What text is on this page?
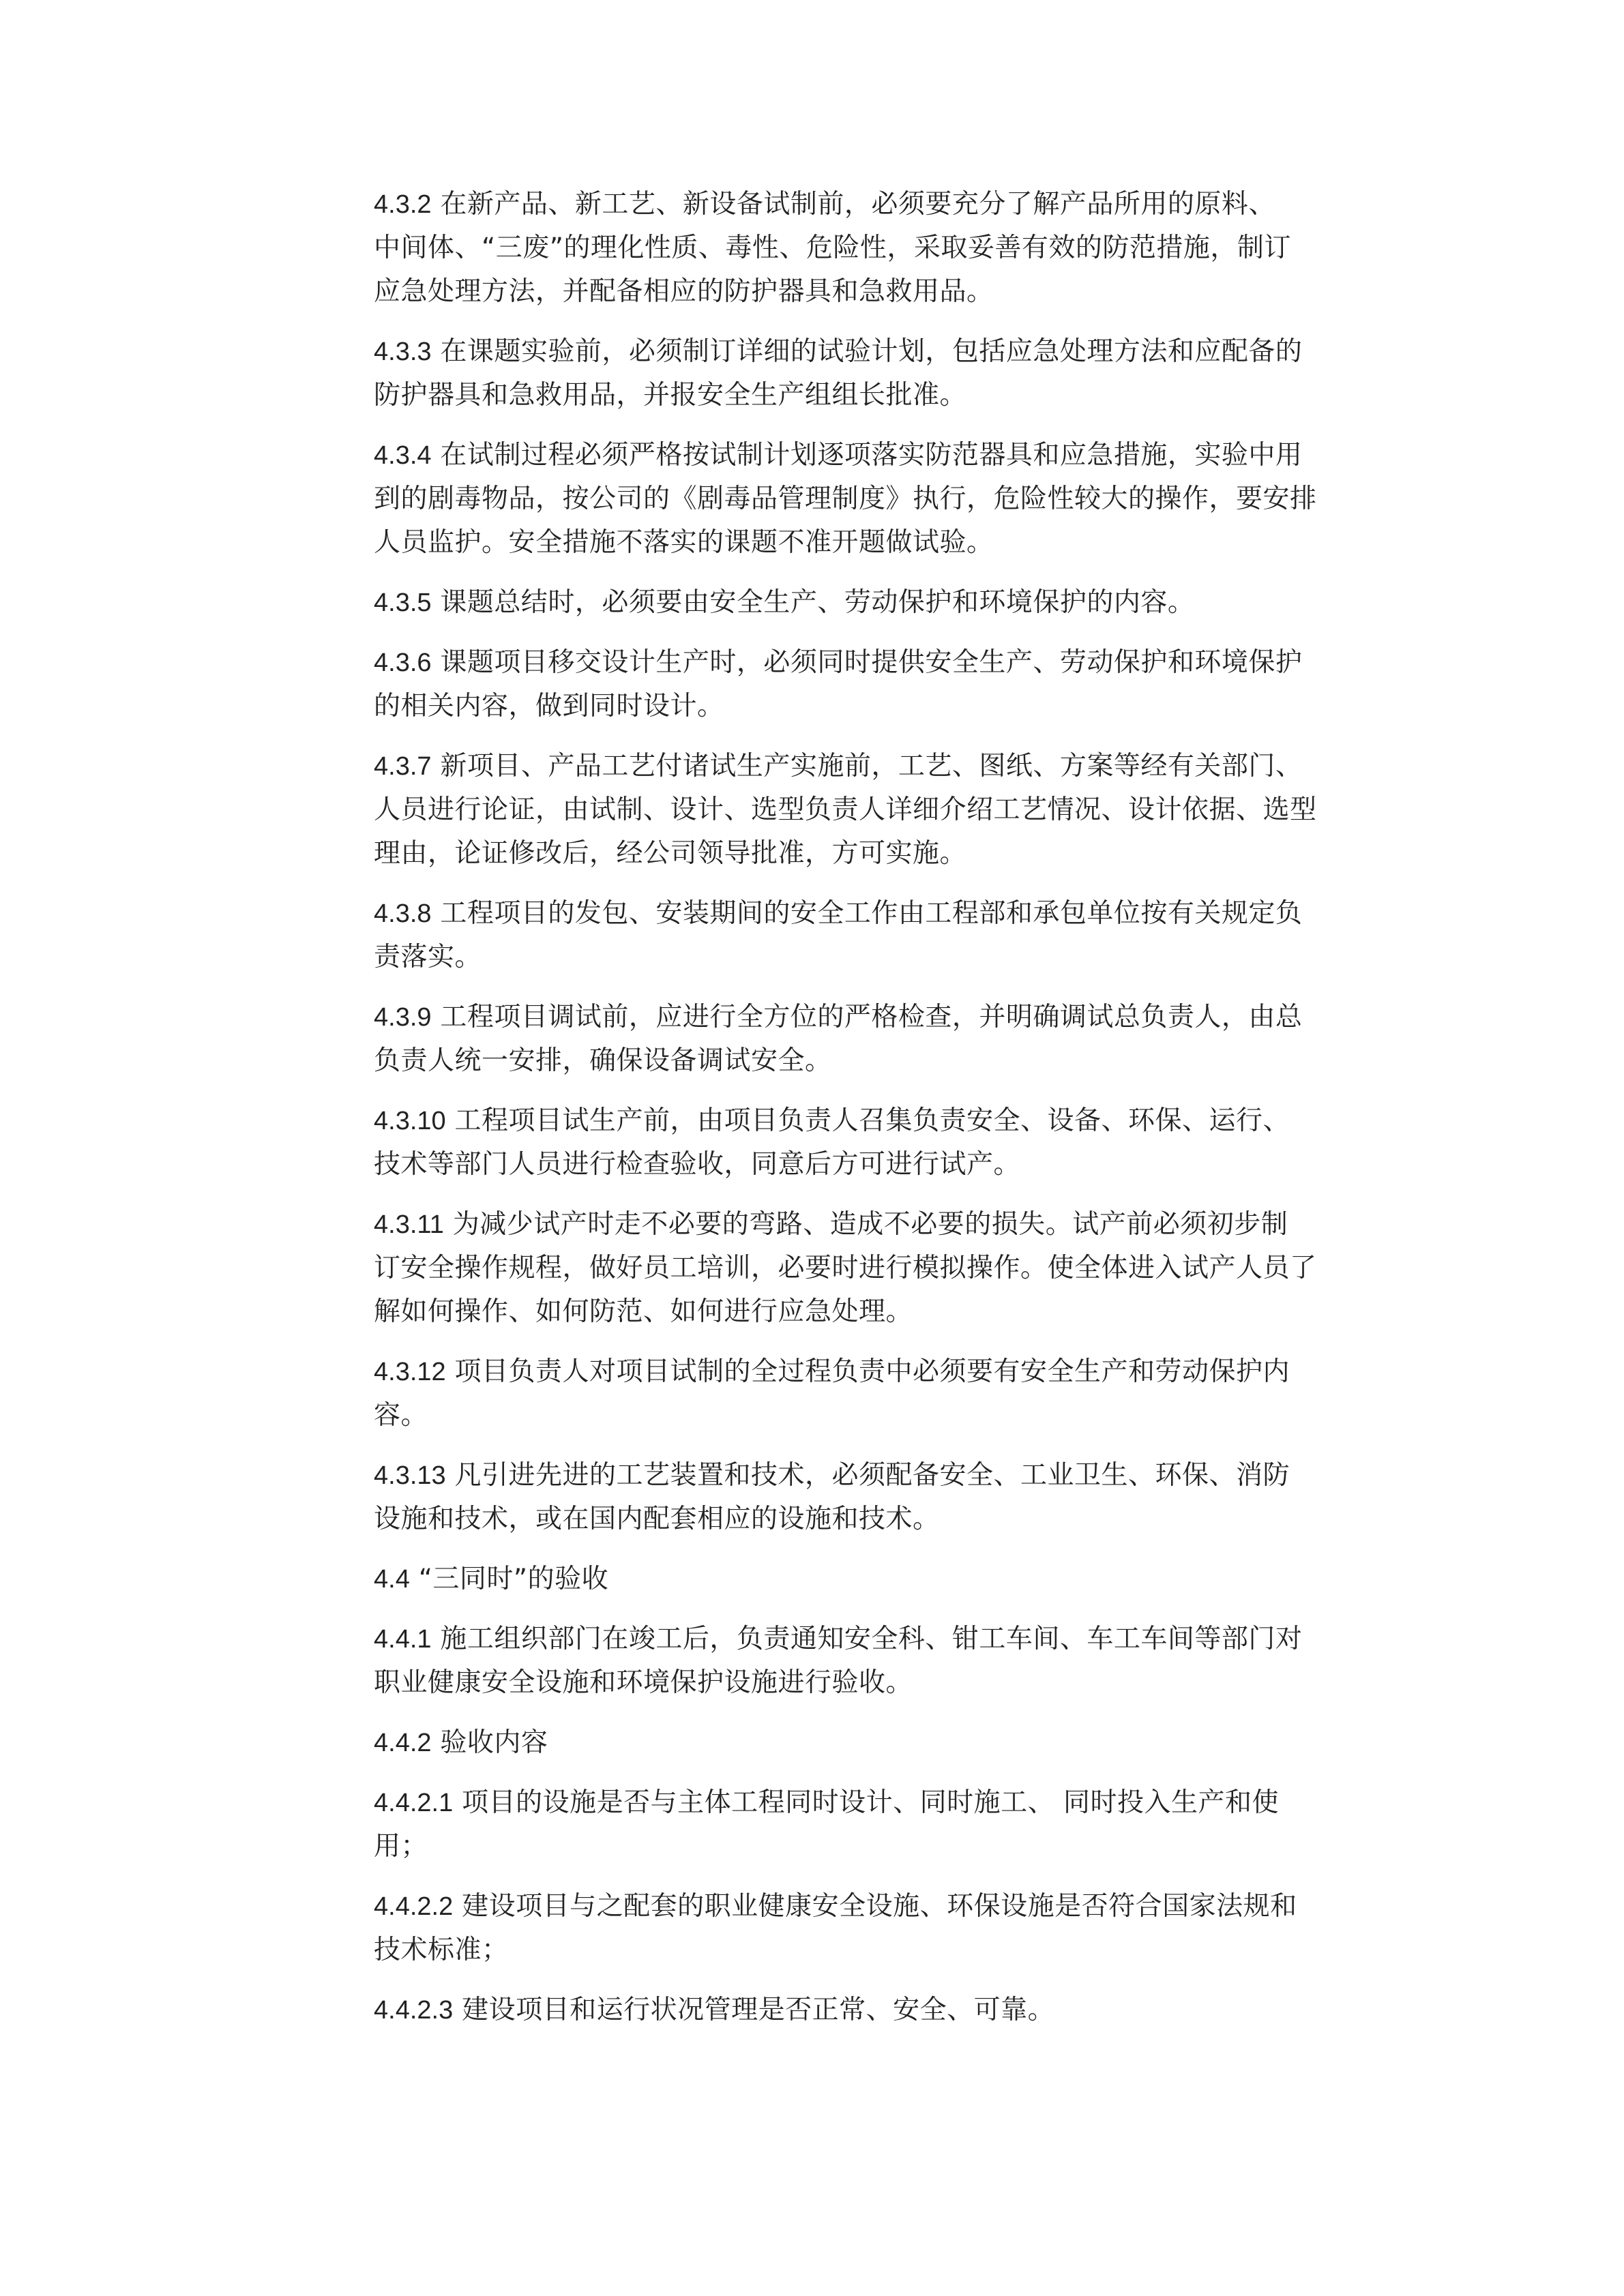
4.3.2 在新产品、新工艺、新设备试制前，必须要充分了解产品所用的原料、
中间体、“三废”的理化性质、毒性、危险性，采取妥善有效的防范措施，制订
应急处理方法，并配备相应的防护器具和急救用品。
4.3.3 在课题实验前，必须制订详细的试验计划，包括应急处理方法和应配备的
防护器具和急救用品，并报安全生产组组长批准。
4.3.4 在试制过程必须严格按试制计划逐项落实防范器具和应急措施，实验中用
到的剧毒物品，按公司的《剧毒品管理制度》执行，危险性较大的操作，要安排
人员监护。安全措施不落实的课题不准开题做试验。
4.3.5 课题总结时，必须要由安全生产、劳动保护和环境保护的内容。
4.3.6 课题项目移交设计生产时，必须同时提供安全生产、劳动保护和环境保护
的相关内容，做到同时设计。
4.3.7 新项目、产品工艺付诸试生产实施前，工艺、图纸、方案等经有关部门、
人员进行论证，由试制、设计、选型负责人详细介绍工艺情况、设计依据、选型
理由，论证修改后，经公司领导批准，方可实施。
4.3.8 工程项目的发包、安装期间的安全工作由工程部和承包单位按有关规定负
责落实。
4.3.9 工程项目调试前，应进行全方位的严格检查，并明确调试总负责人，由总
负责人统一安排，确保设备调试安全。
4.3.10 工程项目试生产前，由项目负责人召集负责安全、设备、环保、运行、
技术等部门人员进行检查验收，同意后方可进行试产。
4.3.11 为减少试产时走不必要的弯路、造成不必要的损失。试产前必须初步制
订安全操作规程，做好员工培训，必要时进行模拟操作。使全体进入试产人员了
解如何操作、如何防范、如何进行应急处理。
4.3.12 项目负责人对项目试制的全过程负责中必须要有安全生产和劳动保护内
容。
4.3.13 凡引进先进的工艺装置和技术，必须配备安全、工业卫生、环保、消防
设施和技术，或在国内配套相应的设施和技术。
4.4 “三同时”的验收
4.4.1 施工组织部门在竣工后，负责通知安全科、钳工车间、车工车间等部门对
职业健康安全设施和环境保护设施进行验收。
4.4.2 验收内容
4.4.2.1 项目的设施是否与主体工程同时设计、同时施工、 同时投入生产和使
用；
4.4.2.2 建设项目与之配套的职业健康安全设施、环保设施是否符合国家法规和
技术标准；
4.4.2.3 建设项目和运行状况管理是否正常、安全、可靠。
